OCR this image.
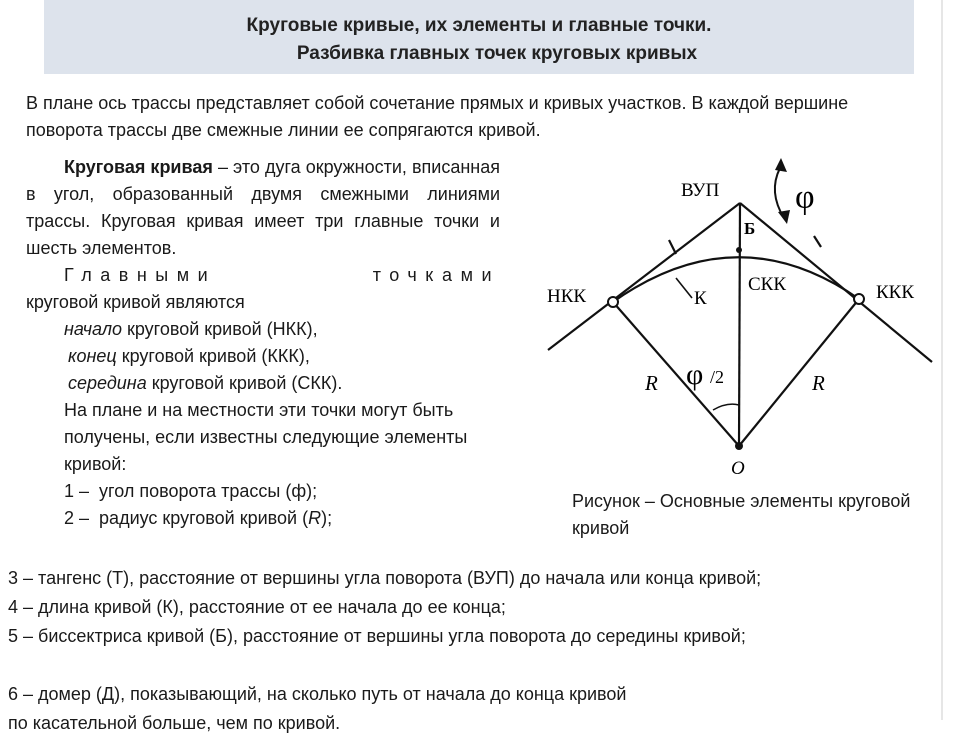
Круговые кривые, их элементы и главные точки.
Разбивка главных точек круговых кривых
В плане ось трассы представляет собой сочетание прямых и кривых участков. В каждой вершине поворота трассы две смежные линии ее сопрягаются кривой.

Круговая кривая – это дуга окружности, вписанная в угол, образованный двумя смежными линиями трассы. Круговая кривая имеет три главные точки и шесть элементов.

Главными точками

круговой кривой являются

начало круговой кривой (НКК),

конец круговой кривой (ККК),

середина круговой кривой (СКК).

На плане и на местности эти точки могут быть получены, если известны следующие элементы кривой:

1 – угол поворота трассы (ф);

2 – радиус круговой кривой (R);

ВУП
Б
φ
НКК
СКК	ККК
К
R	R
φ /2
O
Рисунок – Основные элементы круговой кривой

3 – тангенс (Т), расстояние от вершины угла поворота (ВУП) до начала или конца кривой;

4 – длина кривой (К), расстояние от ее начала до ее конца;

5 – биссектриса кривой (Б), расстояние от вершины угла поворота до середины кривой;

6 – домер (Д), показывающий, на сколько путь от начала до конца кривой

по касательной больше, чем по кривой.
